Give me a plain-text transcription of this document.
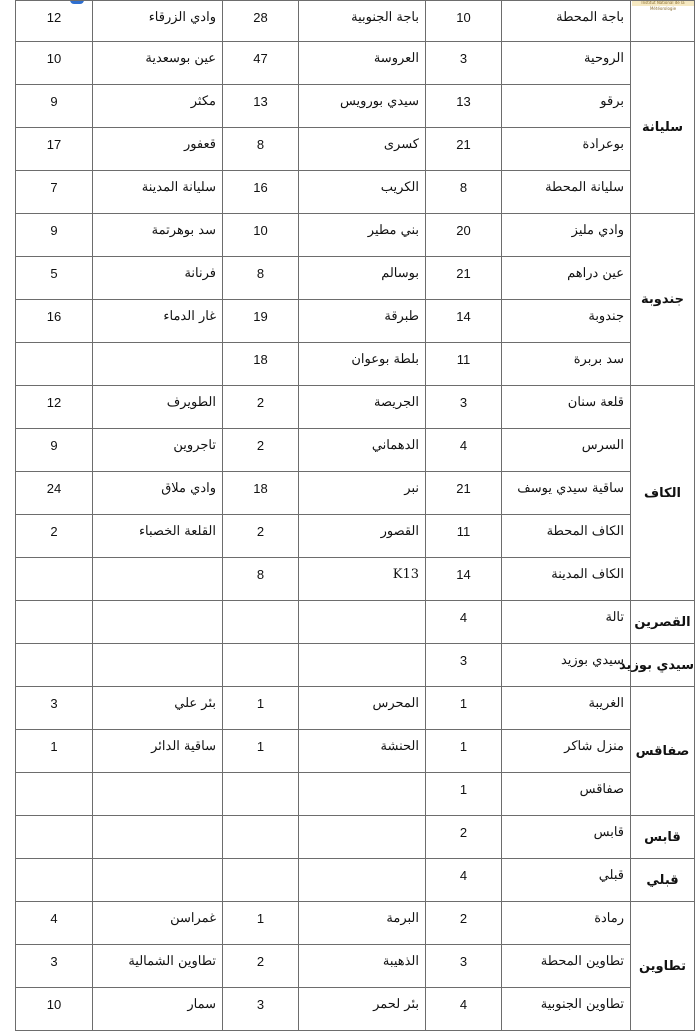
Institut National de la Météorologie
12	وادي الزرقاء	28	باجة الجنوبية	10	باجة المحطة	
10	عين بوسعدية	47	العروسة	3	الروحية	سليانة
9	مكثر	13	سيدي بورويس	13	برقو	
17	قعفور	8	كسرى	21	بوعرادة	
7	سليانة المدينة	16	الكريب	8	سليانة المحطة	
9	سد بوهرتمة	10	بني مطير	20	وادي مليز	جندوبة
5	فرنانة	8	بوسالم	21	عين دراهم	
16	غار الدماء	19	طبرقة	14	جندوبة	
		18	بلطة بوعوان	11	سد بربرة	
12	الطويرف	2	الجريصة	3	قلعة سنان	الكاف
9	تاجروين	2	الدهماني	4	السرس	
24	وادي ملاق	18	نبر	21	ساقية سيدي يوسف	
2	القلعة الخصباء	2	القصور	11	الكاف المحطة	
		8	K13	14	الكاف المدينة	
				4	تالة	القصرين
				3	سيدي بوزيد	سيدي بوزيد
3	بئر علي	1	المحرس	1	الغريبة	صفاقس
1	ساقية الدائر	1	الحنشة	1	منزل شاكر	
				1	صفاقس	
				2	قابس	قابس
				4	قبلي	قبلي
4	غمراسن	1	البرمة	2	رمادة	تطاوين
3	تطاوين الشمالية	2	الذهيبة	3	تطاوين المحطة	
10	سمار	3	بئر لحمر	4	تطاوين الجنوبية	
